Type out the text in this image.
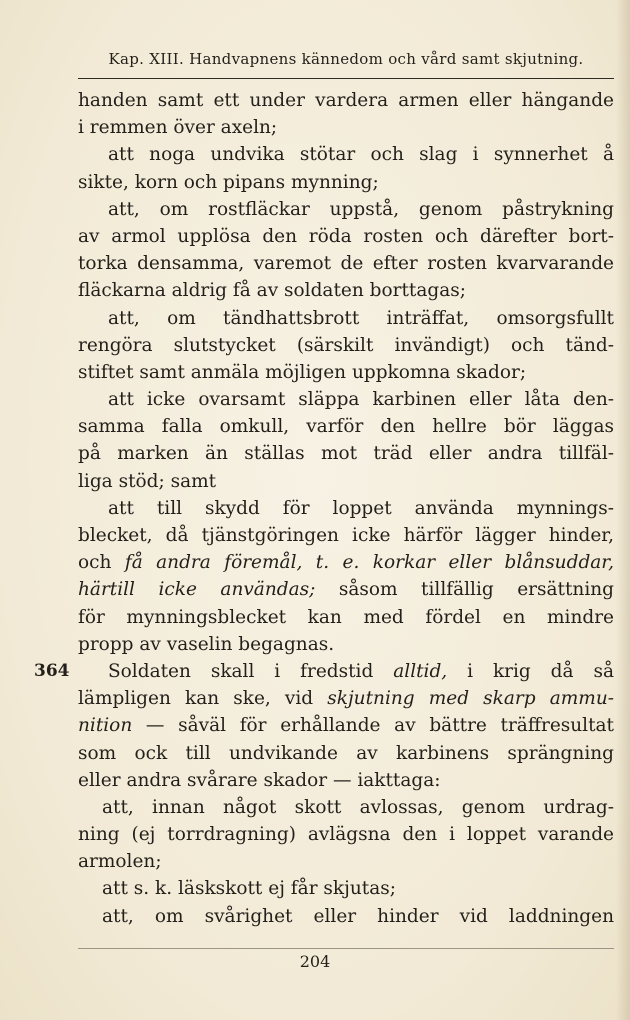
Kap. XIII. Handvapnens kännedom och vård samt skjutning.
handen samt ett under vardera armen eller hängande
i remmen över axeln;
att noga undvika stötar och slag i synnerhet å
sikte, korn och pipans mynning;
att, om rostfläckar uppstå, genom påstrykning
av armol upplösa den röda rosten och därefter bort-
torka densamma, varemot de efter rosten kvarvarande
fläckarna aldrig få av soldaten borttagas;
att, om tändhattsbrott inträffat, omsorgsfullt
rengöra slutstycket (särskilt invändigt) och tänd-
stiftet samt anmäla möjligen uppkomna skador;
att icke ovarsamt släppa karbinen eller låta den-
samma falla omkull, varför den hellre bör läggas
på marken än ställas mot träd eller andra tillfäl-
liga stöd; samt
att till skydd för loppet använda mynnings-
blecket, då tjänstgöringen icke härför lägger hinder,
och få andra föremål, t. e. korkar eller blånsuddar,
härtill icke användas; såsom tillfällig ersättning
för mynningsblecket kan med fördel en mindre
propp av vaselin begagnas.
364 Soldaten skall i fredstid alltid, i krig då så
lämpligen kan ske, vid skjutning med skarp ammu-
nition — såväl för erhållande av bättre träffresultat
som ock till undvikande av karbinens sprängning
eller andra svårare skador — iakttaga:
att, innan något skott avlossas, genom urdrag-
ning (ej torrdragning) avlägsna den i loppet varande
armolen;
att s. k. läskskott ej får skjutas;
att, om svårighet eller hinder vid laddningen
204
